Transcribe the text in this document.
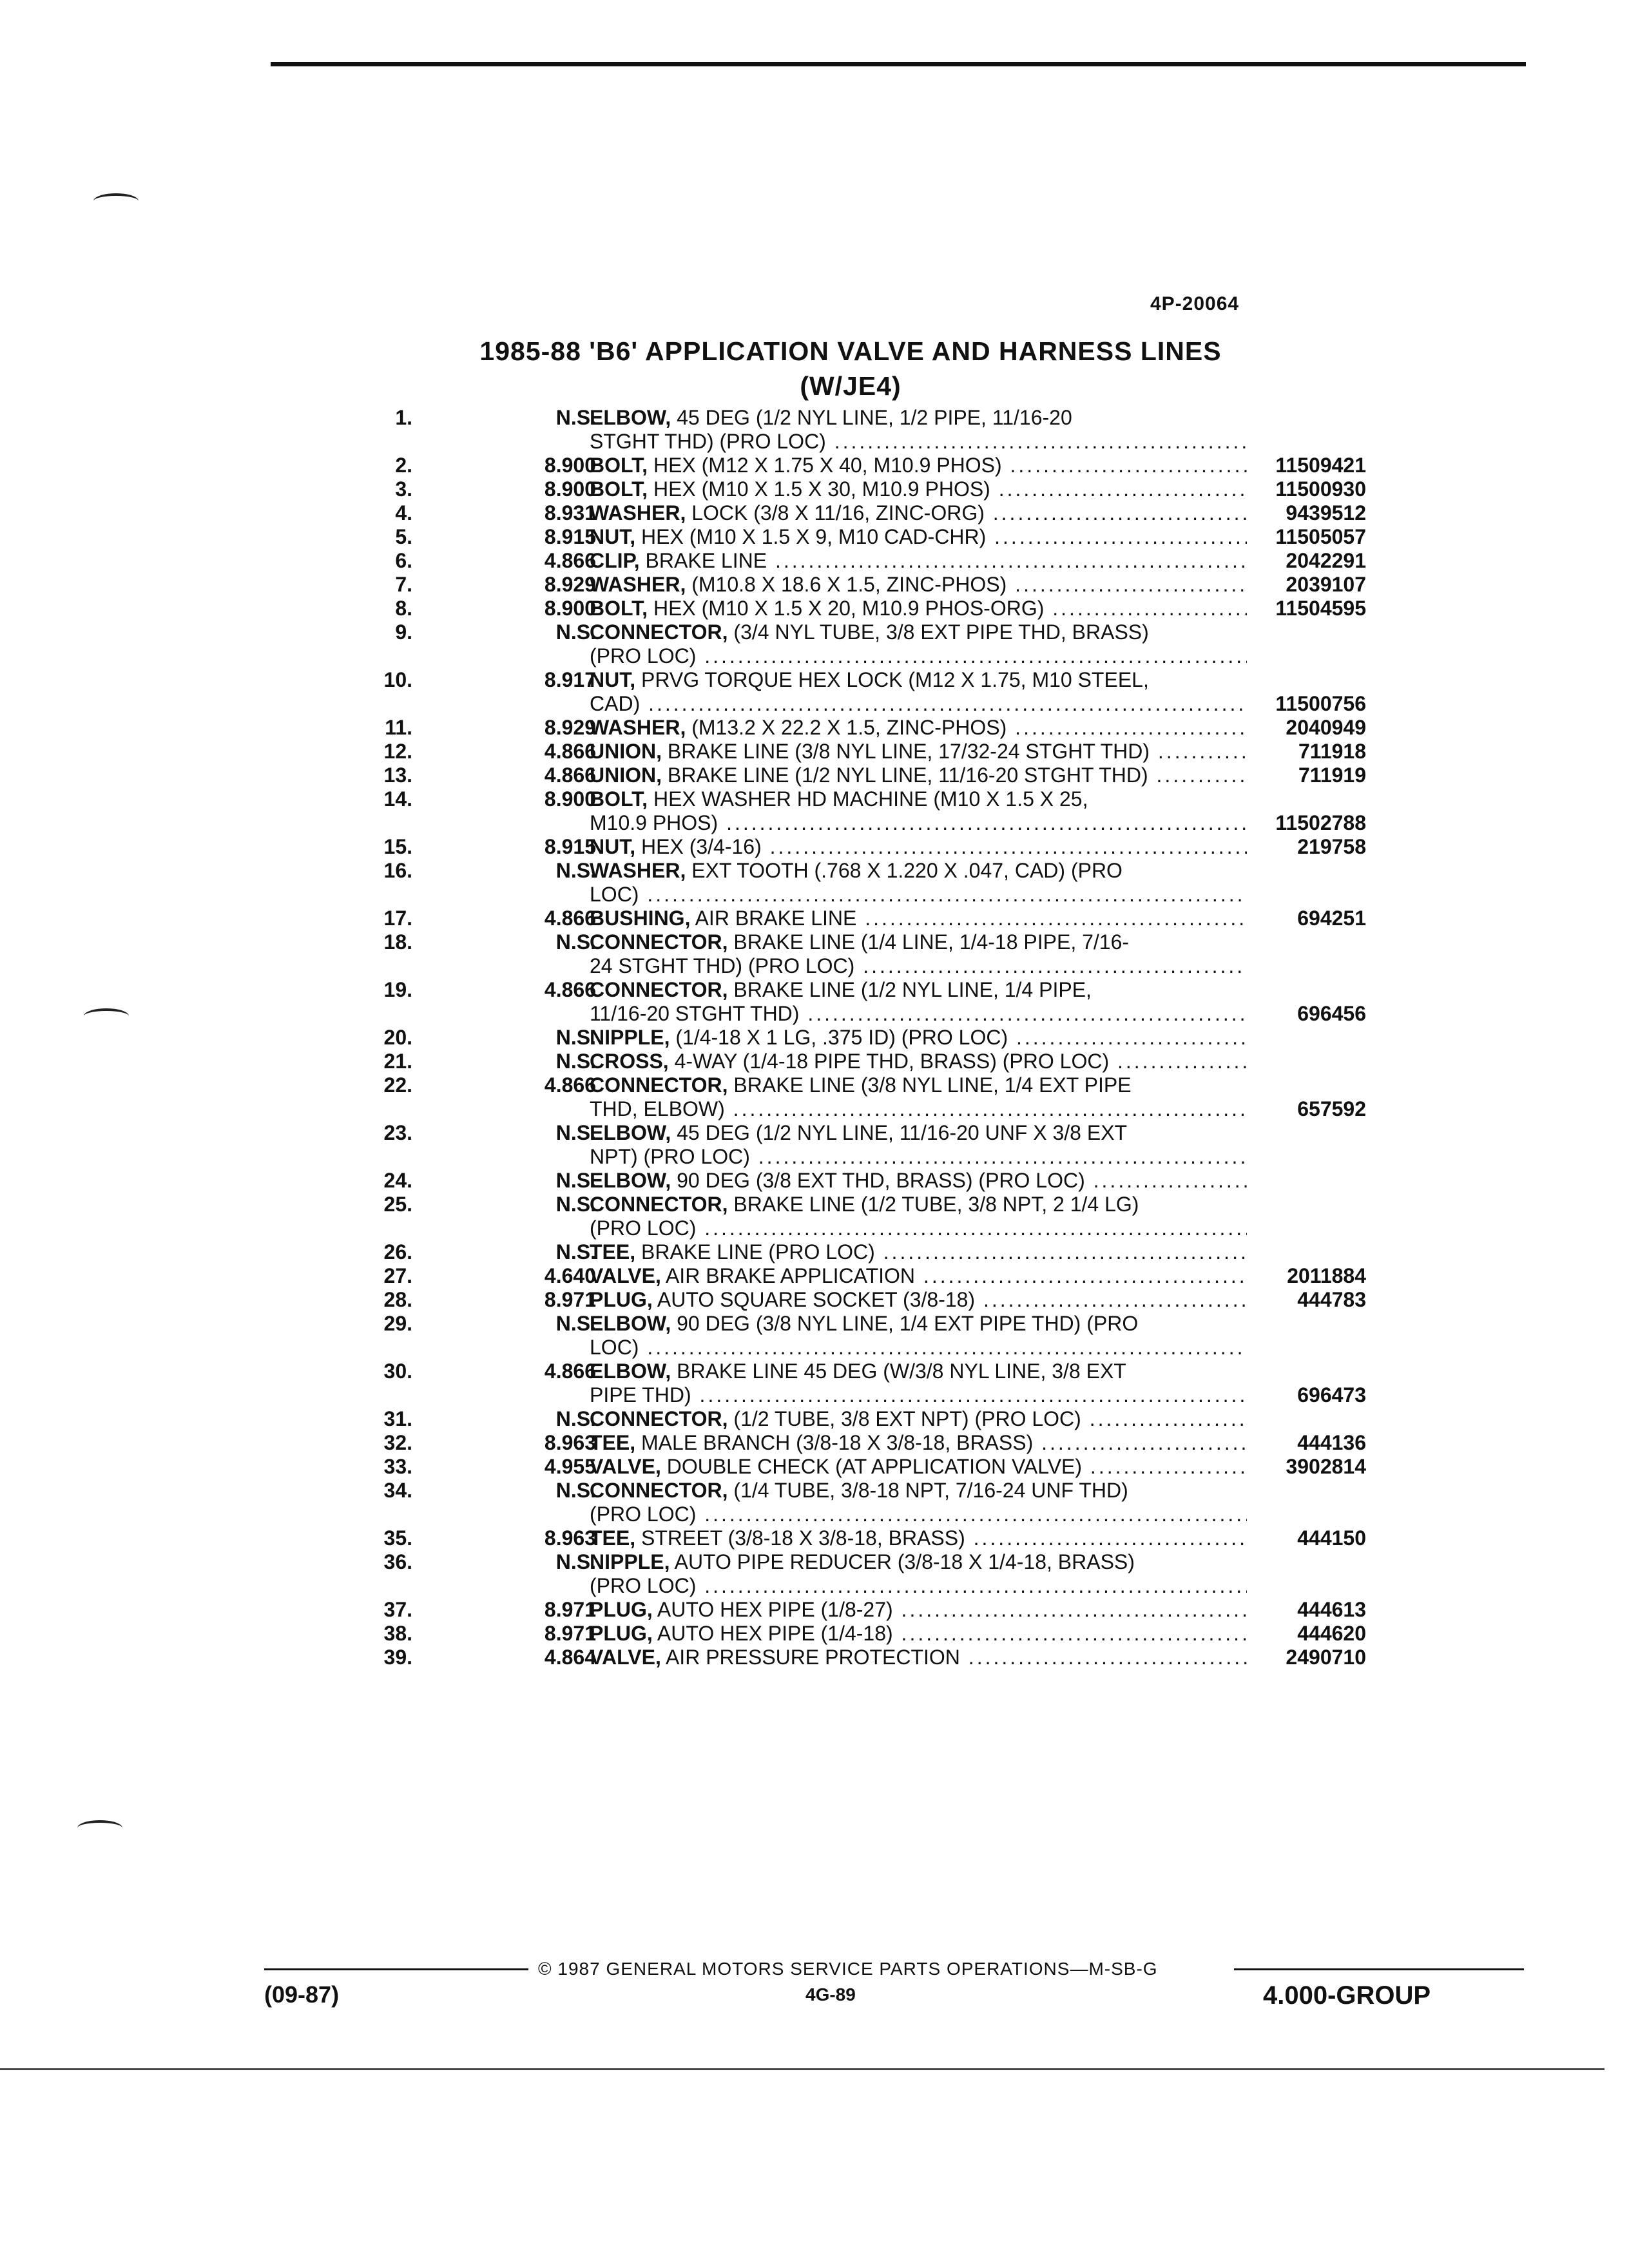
4P-20064
1985-88 'B6' APPLICATION VALVE AND HARNESS LINES
(W/JE4)
1.	N.S.
ELBOW, 45 DEG (1/2 NYL LINE, 1/2 PIPE, 11/16-20
STGHT THD) (PRO LOC) .....
2.	8.900
BOLT, HEX (M12 X 1.75 X 40, M10.9 PHOS) .....	11509421
3.	8.900
BOLT, HEX (M10 X 1.5 X 30, M10.9 PHOS) .....	11500930
4.	8.931
WASHER, LOCK (3/8 X 11/16, ZINC-ORG) .....	9439512
5.	8.915
NUT, HEX (M10 X 1.5 X 9, M10 CAD-CHR) .....	11505057
6.	4.866
CLIP, BRAKE LINE .....	2042291
7.	8.929
WASHER, (M10.8 X 18.6 X 1.5, ZINC-PHOS) .....	2039107
8.	8.900
BOLT, HEX (M10 X 1.5 X 20, M10.9 PHOS-ORG) .....	11504595
9.	N.S.
CONNECTOR, (3/4 NYL TUBE, 3/8 EXT PIPE THD, BRASS)
(PRO LOC) .....
10.	8.917
NUT, PRVG TORQUE HEX LOCK (M12 X 1.75, M10 STEEL,
CAD) .....	11500756
11.	8.929
WASHER, (M13.2 X 22.2 X 1.5, ZINC-PHOS) .....	2040949
12.	4.866
UNION, BRAKE LINE (3/8 NYL LINE, 17/32-24 STGHT THD) .....	711918
13.	4.866
UNION, BRAKE LINE (1/2 NYL LINE, 11/16-20 STGHT THD) .....	711919
14.	8.900
BOLT, HEX WASHER HD MACHINE (M10 X 1.5 X 25,
M10.9 PHOS) .....	11502788
15.	8.915
NUT, HEX (3/4-16) .....	219758
16.	N.S.
WASHER, EXT TOOTH (.768 X 1.220 X .047, CAD) (PRO
LOC) .....
17.	4.866
BUSHING, AIR BRAKE LINE .....	694251
18.	N.S.
CONNECTOR, BRAKE LINE (1/4 LINE, 1/4-18 PIPE, 7/16-
24 STGHT THD) (PRO LOC) .....
19.	4.866
CONNECTOR, BRAKE LINE (1/2 NYL LINE, 1/4 PIPE,
11/16-20 STGHT THD) .....	696456
20.	N.S.
NIPPLE, (1/4-18 X 1 LG, .375 ID) (PRO LOC) .....
21.	N.S.
CROSS, 4-WAY (1/4-18 PIPE THD, BRASS) (PRO LOC) .....
22.	4.866
CONNECTOR, BRAKE LINE (3/8 NYL LINE, 1/4 EXT PIPE
THD, ELBOW) .....	657592
23.	N.S.
ELBOW, 45 DEG (1/2 NYL LINE, 11/16-20 UNF X 3/8 EXT
NPT) (PRO LOC) .....
24.	N.S.
ELBOW, 90 DEG (3/8 EXT THD, BRASS) (PRO LOC) .....
25.	N.S.
CONNECTOR, BRAKE LINE (1/2 TUBE, 3/8 NPT, 2 1/4 LG)
(PRO LOC) .....
26.	N.S.
TEE, BRAKE LINE (PRO LOC) .....
27.	4.640
VALVE, AIR BRAKE APPLICATION .....	2011884
28.	8.971
PLUG, AUTO SQUARE SOCKET (3/8-18) .....	444783
29.	N.S.
ELBOW, 90 DEG (3/8 NYL LINE, 1/4 EXT PIPE THD) (PRO
LOC) .....
30.	4.866
ELBOW, BRAKE LINE 45 DEG (W/3/8 NYL LINE, 3/8 EXT
PIPE THD) .....	696473
31.	N.S.
CONNECTOR, (1/2 TUBE, 3/8 EXT NPT) (PRO LOC) .....
32.	8.963
TEE, MALE BRANCH (3/8-18 X 3/8-18, BRASS) .....	444136
33.	4.955
VALVE, DOUBLE CHECK (AT APPLICATION VALVE) .....	3902814
34.	N.S.
CONNECTOR, (1/4 TUBE, 3/8-18 NPT, 7/16-24 UNF THD)
(PRO LOC) .....
35.	8.963
TEE, STREET (3/8-18 X 3/8-18, BRASS) .....	444150
36.	N.S.
NIPPLE, AUTO PIPE REDUCER (3/8-18 X 1/4-18, BRASS)
(PRO LOC) .....
37.	8.971
PLUG, AUTO HEX PIPE (1/8-27) .....	444613
38.	8.971
PLUG, AUTO HEX PIPE (1/4-18) .....	444620
39.	4.864
VALVE, AIR PRESSURE PROTECTION .....	2490710
© 1987 GENERAL MOTORS SERVICE PARTS OPERATIONS—M-SB-G
(09-87)	4G-89	4.000-GROUP
